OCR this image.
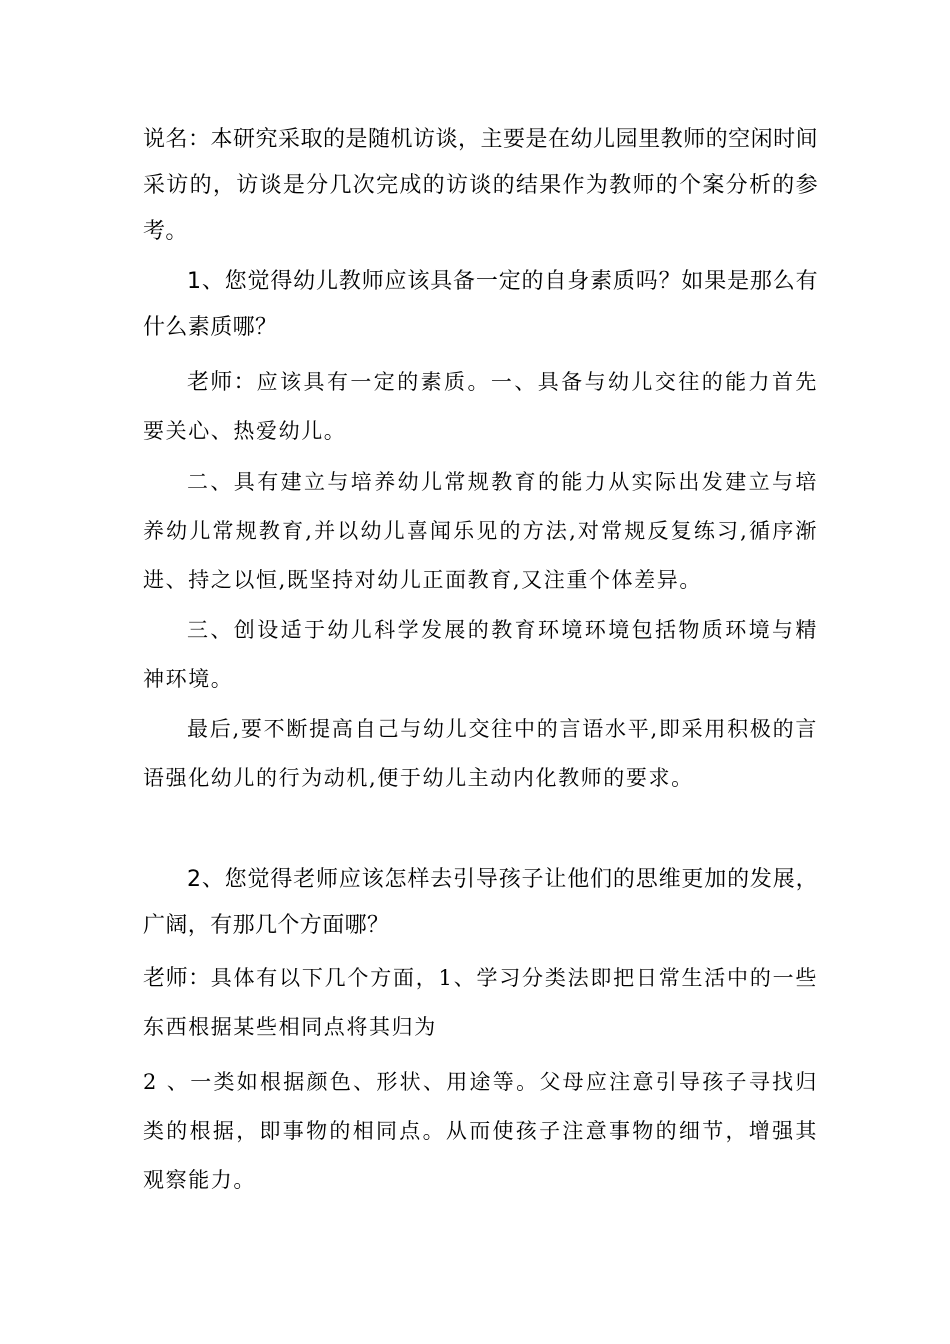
说名：本研究采取的是随机访谈，主要是在幼儿园里教师的空闲时间采访的，访谈是分几次完成的访谈的结果作为教师的个案分析的参考。

1、您觉得幼儿教师应该具备一定的自身素质吗？如果是那么有什么素质哪？

老师：应该具有一定的素质。一、具备与幼儿交往的能力首先要关心、热爱幼儿。

二、具有建立与培养幼儿常规教育的能力从实际出发建立与培养幼儿常规教育,并以幼儿喜闻乐见的方法,对常规反复练习,循序渐进、持之以恒,既坚持对幼儿正面教育,又注重个体差异。

三、创设适于幼儿科学发展的教育环境环境包括物质环境与精神环境。

最后,要不断提高自己与幼儿交往中的言语水平,即采用积极的言语强化幼儿的行为动机,便于幼儿主动内化教师的要求。

2、您觉得老师应该怎样去引导孩子让他们的思维更加的发展，广阔，有那几个方面哪？

老师：具体有以下几个方面，1、学习分类法即把日常生活中的一些东西根据某些相同点将其归为

2 、一类如根据颜色、形状、用途等。父母应注意引导孩子寻找归类的根据，即事物的相同点。从而使孩子注意事物的细节，增强其观察能力。
